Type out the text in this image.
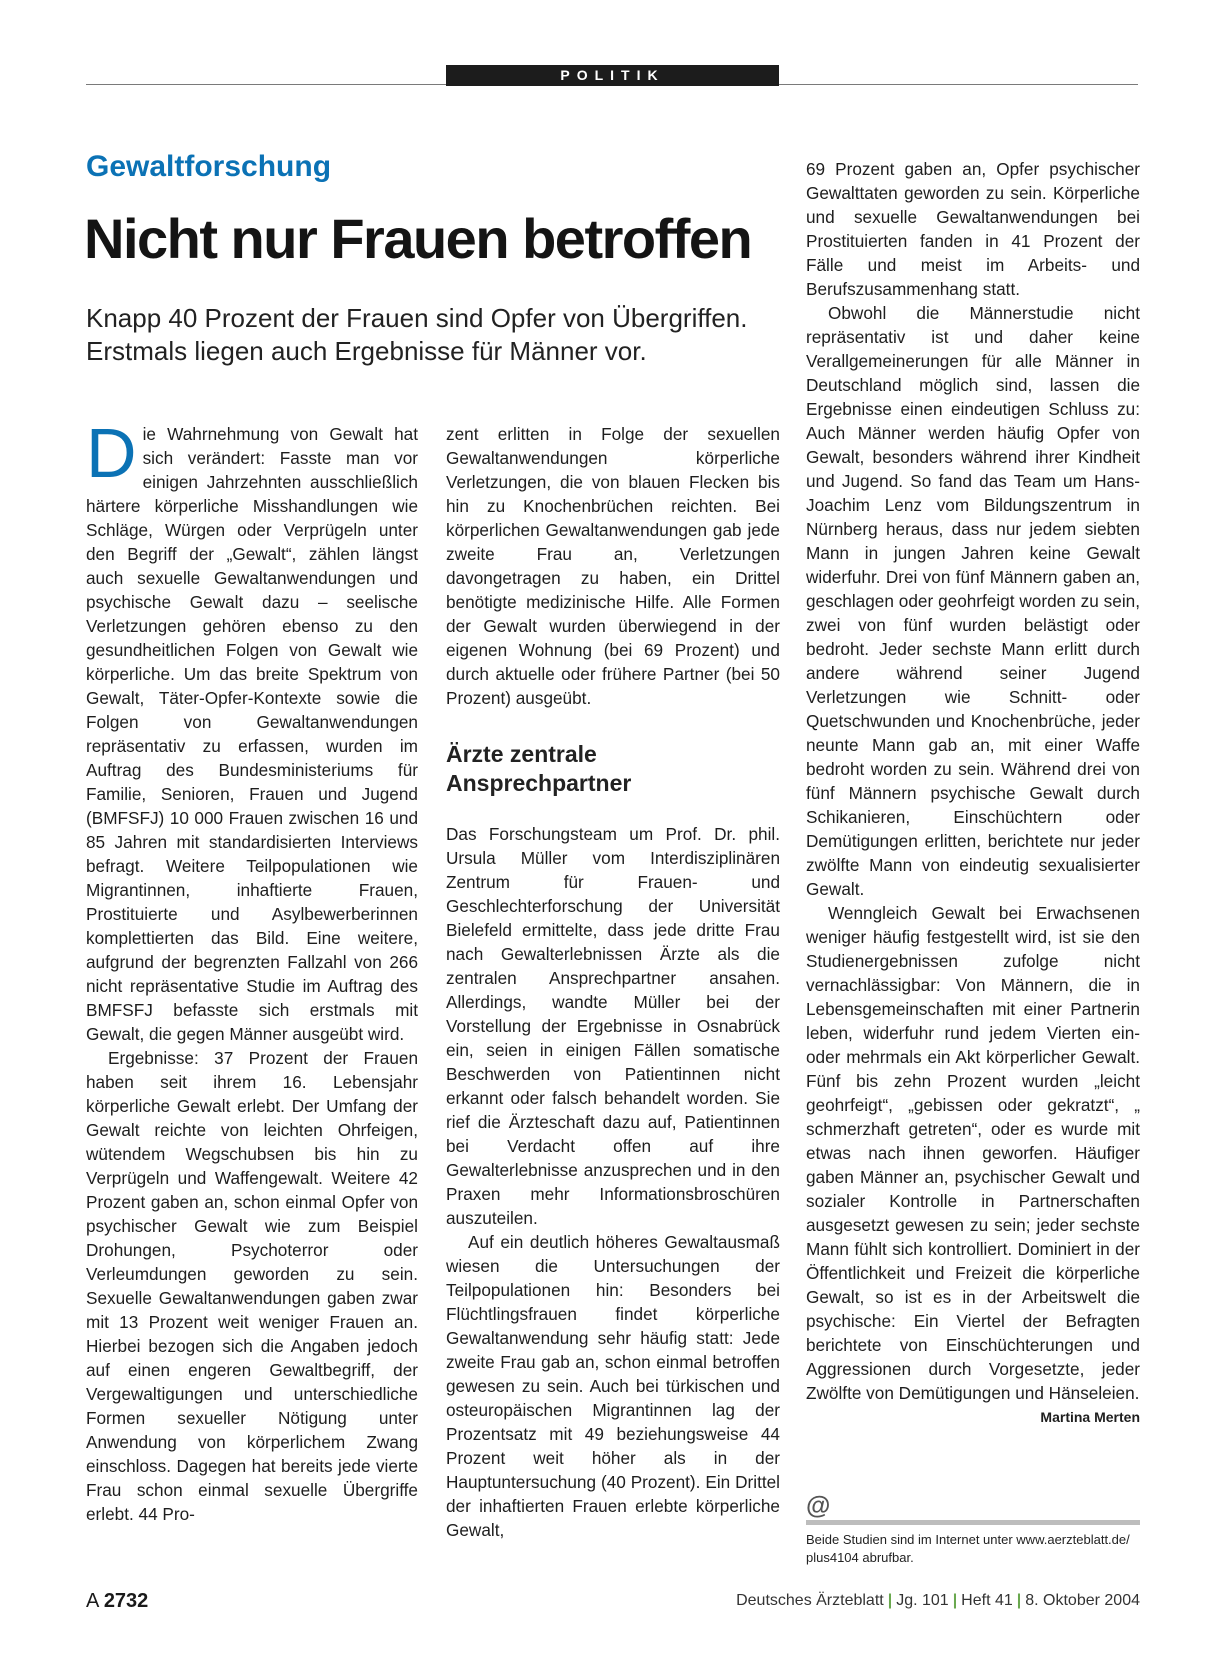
POLITIK
Gewaltforschung
Nicht nur Frauen betroffen
Knapp 40 Prozent der Frauen sind Opfer von Übergriffen.
Erstmals liegen auch Ergebnisse für Männer vor.

Die Wahrnehmung von Gewalt hat sich verändert: Fasste man vor einigen Jahrzehnten ausschließlich härtere körperliche Misshandlungen wie Schläge, Würgen oder Verprügeln unter den Begriff der „Gewalt“, zählen längst auch sexuelle Gewaltanwendungen und psychische Gewalt dazu – seelische Verletzungen gehören ebenso zu den gesundheitlichen Folgen von Gewalt wie körperliche. Um das breite Spektrum von Gewalt, Täter-Opfer-Kontexte sowie die Folgen von Gewaltanwendungen repräsentativ zu erfassen, wurden im Auftrag des Bundesministeriums für Familie, Senioren, Frauen und Jugend (BMFSFJ) 10 000 Frauen zwischen 16 und 85 Jahren mit standardisierten Interviews befragt. Weitere Teilpopulationen wie Migrantinnen, inhaftierte Frauen, Prostituierte und Asylbewerberinnen komplettierten das Bild. Eine weitere, aufgrund der begrenzten Fallzahl von 266 nicht repräsentative Studie im Auftrag des BMFSFJ befasste sich erstmals mit Gewalt, die gegen Männer ausgeübt wird.

Ergebnisse: 37 Prozent der Frauen haben seit ihrem 16. Lebensjahr körperliche Gewalt erlebt. Der Umfang der Gewalt reichte von leichten Ohrfeigen, wütendem Wegschubsen bis hin zu Verprügeln und Waffengewalt. Weitere 42 Prozent gaben an, schon einmal Opfer von psychischer Gewalt wie zum Beispiel Drohungen, Psychoterror oder Verleumdungen geworden zu sein. Sexuelle Gewaltanwendungen gaben zwar mit 13 Prozent weit weniger Frauen an. Hierbei bezogen sich die Angaben jedoch auf einen engeren Gewaltbegriff, der Vergewaltigungen und unterschiedliche Formen sexueller Nötigung unter Anwendung von körperlichem Zwang einschloss. Dagegen hat bereits jede vierte Frau schon einmal sexuelle Übergriffe erlebt. 44 Pro-

zent erlitten in Folge der sexuellen Gewaltanwendungen körperliche Verletzungen, die von blauen Flecken bis hin zu Knochenbrüchen reichten. Bei körperlichen Gewaltanwendungen gab jede zweite Frau an, Verletzungen davongetragen zu haben, ein Drittel benötigte medizinische Hilfe. Alle Formen der Gewalt wurden überwiegend in der eigenen Wohnung (bei 69 Prozent) und durch aktuelle oder frühere Partner (bei 50 Prozent) ausgeübt.

Ärzte zentrale
Ansprechpartner

Das Forschungsteam um Prof. Dr. phil. Ursula Müller vom Interdisziplinären Zentrum für Frauen- und Geschlechterforschung der Universität Bielefeld ermittelte, dass jede dritte Frau nach Gewalterlebnissen Ärzte als die zentralen Ansprechpartner ansahen. Allerdings, wandte Müller bei der Vorstellung der Ergebnisse in Osnabrück ein, seien in einigen Fällen somatische Beschwerden von Patientinnen nicht erkannt oder falsch behandelt worden. Sie rief die Ärzteschaft dazu auf, Patientinnen bei Verdacht offen auf ihre Gewalterlebnisse anzusprechen und in den Praxen mehr Informationsbroschüren auszuteilen.

Auf ein deutlich höheres Gewaltausmaß wiesen die Untersuchungen der Teilpopulationen hin: Besonders bei Flüchtlingsfrauen findet körperliche Gewaltanwendung sehr häufig statt: Jede zweite Frau gab an, schon einmal betroffen gewesen zu sein. Auch bei türkischen und osteuropäischen Migrantinnen lag der Prozentsatz mit 49 beziehungsweise 44 Prozent weit höher als in der Hauptuntersuchung (40 Prozent). Ein Drittel der inhaftierten Frauen erlebte körperliche Gewalt,

69 Prozent gaben an, Opfer psychischer Gewalttaten geworden zu sein. Körperliche und sexuelle Gewaltanwendungen bei Prostituierten fanden in 41 Prozent der Fälle und meist im Arbeits- und Berufszusammenhang statt.

Obwohl die Männerstudie nicht repräsentativ ist und daher keine Verallgemeinerungen für alle Männer in Deutschland möglich sind, lassen die Ergebnisse einen eindeutigen Schluss zu: Auch Männer werden häufig Opfer von Gewalt, besonders während ihrer Kindheit und Jugend. So fand das Team um Hans-Joachim Lenz vom Bildungszentrum in Nürnberg heraus, dass nur jedem siebten Mann in jungen Jahren keine Gewalt widerfuhr. Drei von fünf Männern gaben an, geschlagen oder geohrfeigt worden zu sein, zwei von fünf wurden belästigt oder bedroht. Jeder sechste Mann erlitt durch andere während seiner Jugend Verletzungen wie Schnitt- oder Quetschwunden und Knochenbrüche, jeder neunte Mann gab an, mit einer Waffe bedroht worden zu sein. Während drei von fünf Männern psychische Gewalt durch Schikanieren, Einschüchtern oder Demütigungen erlitten, berichtete nur jeder zwölfte Mann von eindeutig sexualisierter Gewalt.

Wenngleich Gewalt bei Erwachsenen weniger häufig festgestellt wird, ist sie den Studienergebnissen zufolge nicht vernachlässigbar: Von Männern, die in Lebensgemeinschaften mit einer Partnerin leben, widerfuhr rund jedem Vierten ein- oder mehrmals ein Akt körperlicher Gewalt. Fünf bis zehn Prozent wurden „leicht geohrfeigt“, „gebissen oder gekratzt“, „ schmerzhaft getreten“, oder es wurde mit etwas nach ihnen geworfen. Häufiger gaben Männer an, psychischer Gewalt und sozialer Kontrolle in Partnerschaften ausgesetzt gewesen zu sein; jeder sechste Mann fühlt sich kontrolliert. Dominiert in der Öffentlichkeit und Freizeit die körperliche Gewalt, so ist es in der Arbeitswelt die psychische: Ein Viertel der Befragten berichtete von Einschüchterungen und Aggressionen durch Vorgesetzte, jeder Zwölfte von Demütigungen und Hänseleien.
Martina Merten

@
Beide Studien sind im Internet unter www.aerzteblatt.de/ plus4104 abrufbar.
A 2732	Deutsches Ärzteblatt | Jg. 101 | Heft 41 | 8. Oktober 2004
